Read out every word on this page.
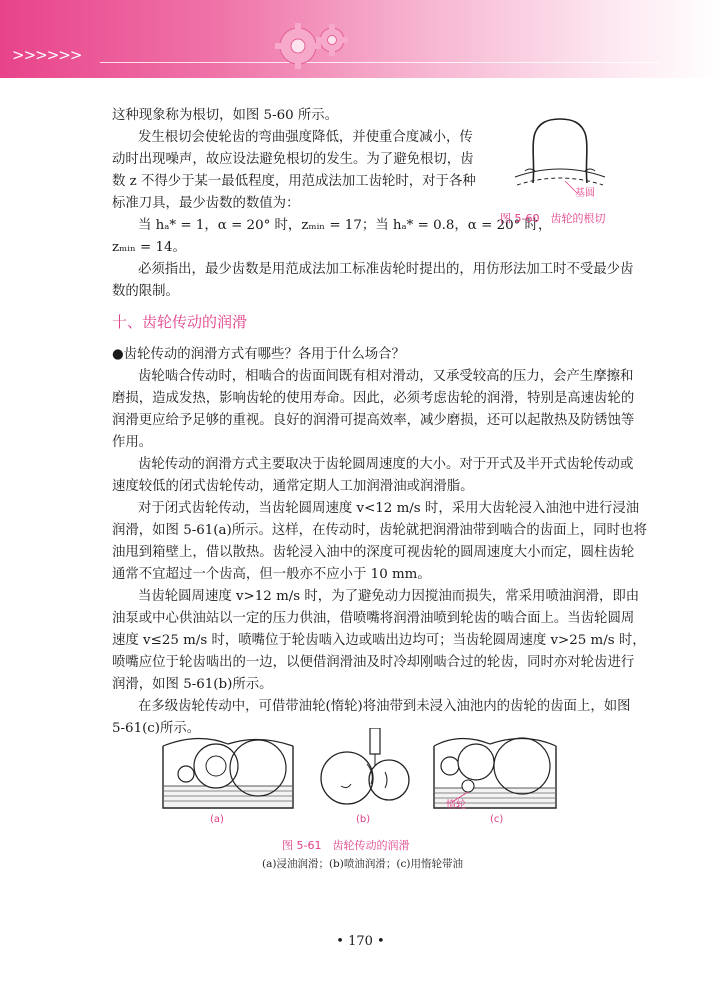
>>>>>>
这种现象称为根切，如图 5-60 所示。
发生根切会使轮齿的弯曲强度降低，并使重合度减小，传
动时出现噪声，故应设法避免根切的发生。为了避免根切，齿
数 z 不得少于某一最低程度，用范成法加工齿轮时，对于各种
标准刀具，最少齿数的数值为：
当 hₐ* = 1，α = 20° 时，zₘᵢₙ = 17；当 hₐ* = 0.8，α = 20° 时，
zₘᵢₙ = 14。
必须指出，最少齿数是用范成法加工标准齿轮时提出的，用仿形法加工时不受最少齿
数的限制。
基圆
图 5-60　齿轮的根切
十、齿轮传动的润滑
●齿轮传动的润滑方式有哪些？各用于什么场合？
齿轮啮合传动时，相啮合的齿面间既有相对滑动，又承受较高的压力，会产生摩擦和
磨损，造成发热，影响齿轮的使用寿命。因此，必须考虑齿轮的润滑，特别是高速齿轮的
润滑更应给予足够的重视。良好的润滑可提高效率，减少磨损，还可以起散热及防锈蚀等
作用。
齿轮传动的润滑方式主要取决于齿轮圆周速度的大小。对于开式及半开式齿轮传动或
速度较低的闭式齿轮传动，通常定期人工加润滑油或润滑脂。
对于闭式齿轮传动，当齿轮圆周速度 v<12 m/s 时，采用大齿轮浸入油池中进行浸油
润滑，如图 5-61(a)所示。这样，在传动时，齿轮就把润滑油带到啮合的齿面上，同时也将
油甩到箱壁上，借以散热。齿轮浸入油中的深度可视齿轮的圆周速度大小而定，圆柱齿轮
通常不宜超过一个齿高，但一般亦不应小于 10 mm。
当齿轮圆周速度 v>12 m/s 时，为了避免动力因搅油而损失，常采用喷油润滑，即由
油泵或中心供油站以一定的压力供油，借喷嘴将润滑油喷到轮齿的啮合面上。当齿轮圆周
速度 v≤25 m/s 时，喷嘴位于轮齿啮入边或啮出边均可；当齿轮圆周速度 v>25 m/s 时，
喷嘴应位于轮齿啮出的一边，以便借润滑油及时冷却刚啮合过的轮齿，同时亦对轮齿进行
润滑，如图 5-61(b)所示。
在多级齿轮传动中，可借带油轮(惰轮)将油带到未浸入油池内的齿轮的齿面上，如图
5-61(c)所示。
(a)	(b)
惰轮
(c)
图 5-61　齿轮传动的润滑
(a)浸油润滑；(b)喷油润滑；(c)用惰轮带油
• 170 •
